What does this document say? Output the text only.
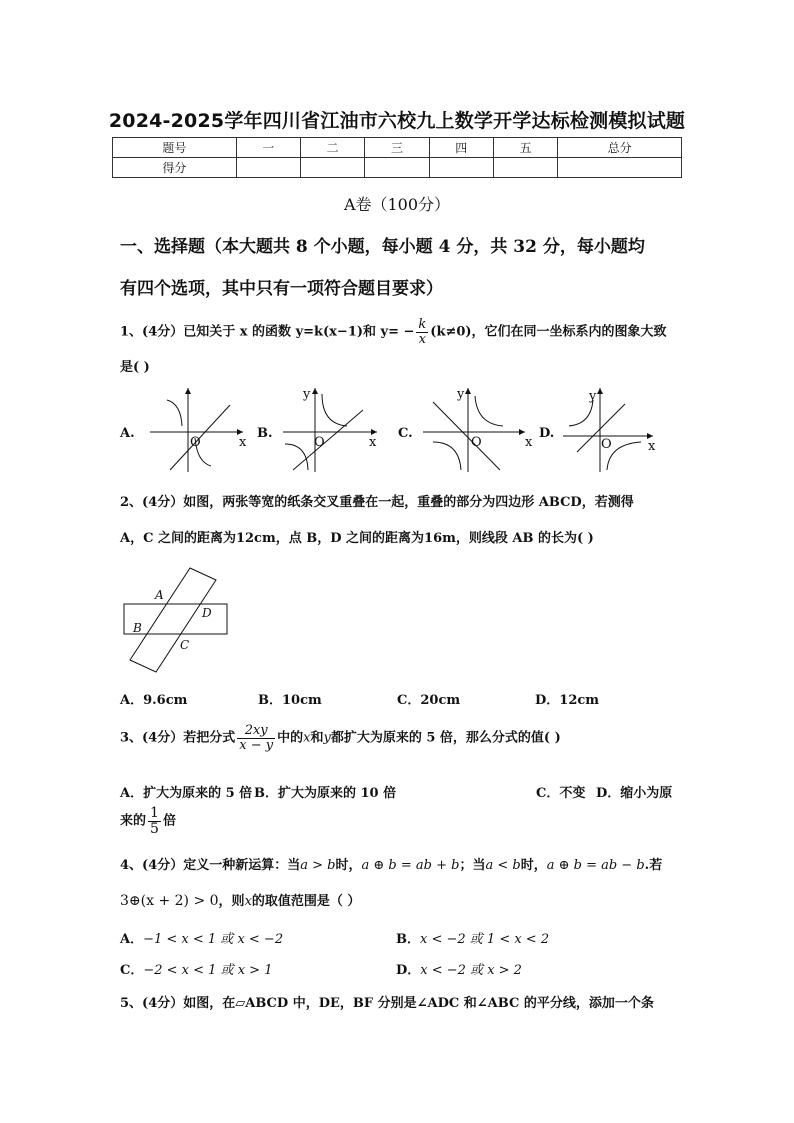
2024-2025学年四川省江油市六校九上数学开学达标检测模拟试题
题号	一	二	三	四	五	总分
得分						
A卷（100分）
一、选择题（本大题共 8 个小题，每小题 4 分，共 32 分，每小题均
有四个选项，其中只有一项符合题目要求）
1、(4分）已知关于 x 的函数 y=k(x−1)和 $y= - \frac{k}{x} (k\ne 0)$，它们在同一坐标系内的图象大致
是( )
A.
x
O
B.
x
y
O
C.
x
y
O
D.
x
y
O
2、(4分）如图，两张等宽的纸条交叉重叠在一起，重叠的部分为四边形 ABCD，若测得
A，C 之间的距离为12cm，点 B，D 之间的距离为16m，则线段 AB 的长为( )
A
D
B
C
A．9.6cm	B．10cm	C．20cm	D．12cm
3、(4分）若把分式 $\frac{2xy}{x - y}$ 中的x和y都扩大为原来的 5 倍，那么分式的值( )
A．扩大为原来的 5 倍 B．扩大为原来的 10 倍	C．不变 D．缩小为原
来的 $\frac{1}{5}$ 倍
4、(4分）定义一种新运算：当a > b时，a ⊕ b = ab + b；当a < b时，a ⊕ b = ab − b.若
3⊕(x + 2) > 0，则x的取值范围是（ ）
A．−1 < x < 1 或 x < −2	B．x < −2 或 1 < x < 2
C．−2 < x < 1 或 x > 1	D．x < −2 或 x > 2
5、(4分）如图，在▱ABCD 中，DE，BF 分别是∠ADC 和∠ABC 的平分线，添加一个条
